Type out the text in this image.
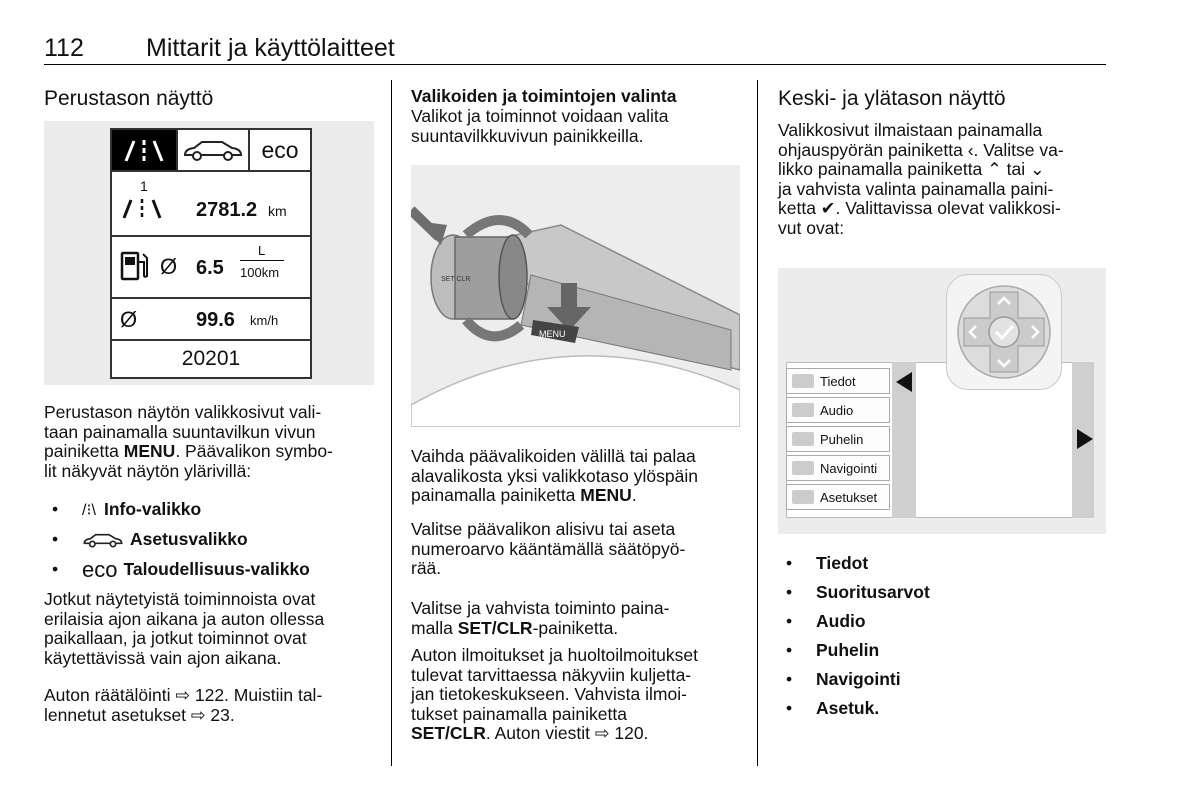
112 Mittarit ja käyttölaitteet
Perustason näyttö
eco
1
2781.2 km
Ø 6.5
L
100km
Ø	99.6 km/h
20201
Perustason näytön valikkosivut vali-
taan painamalla suuntavilkun vivun
painiketta MENU. Päävalikon symbo-
lit näkyvät näytön ylärivillä:
•	/⁝\ Info-valikko
•	Asetusvalikko
•	eco Taloudellisuus-valikko
Jotkut näytetyistä toiminnoista ovat
erilaisia ajon aikana ja auton ollessa
paikallaan, ja jotkut toiminnot ovat
käytettävissä vain ajon aikana.
Auton räätälöinti ⇨ 122. Muistiin tal-
lennetut asetukset ⇨ 23.
Valikoiden ja toimintojen valinta
Valikot ja toiminnot voidaan valita
suuntavilkkuvivun painikkeilla.
MENU
SET CLR
Vaihda päävalikoiden välillä tai palaa
alavalikosta yksi valikkotaso ylöspäin
painamalla painiketta MENU.
Valitse päävalikon alisivu tai aseta
numeroarvo kääntämällä säätöpyö-
rää.
Valitse ja vahvista toiminto paina-
malla SET/CLR-painiketta.
Auton ilmoitukset ja huoltoilmoitukset
tulevat tarvittaessa näkyviin kuljetta-
jan tietokeskukseen. Vahvista ilmoi-
tukset painamalla painiketta
SET/CLR. Auton viestit ⇨ 120.
Keski- ja ylätason näyttö
Valikkosivut ilmaistaan painamalla
ohjauspyörän painiketta ‹. Valitse va-
likko painamalla painiketta ⌃ tai ⌄
ja vahvista valinta painamalla paini-
ketta ✔. Valittavissa olevat valikkosi-
vut ovat:
Tiedot
Audio
Puhelin
Navigointi
Asetukset
•	Tiedot
•	Suoritusarvot
•	Audio
•	Puhelin
•	Navigointi
•	Asetuk.
